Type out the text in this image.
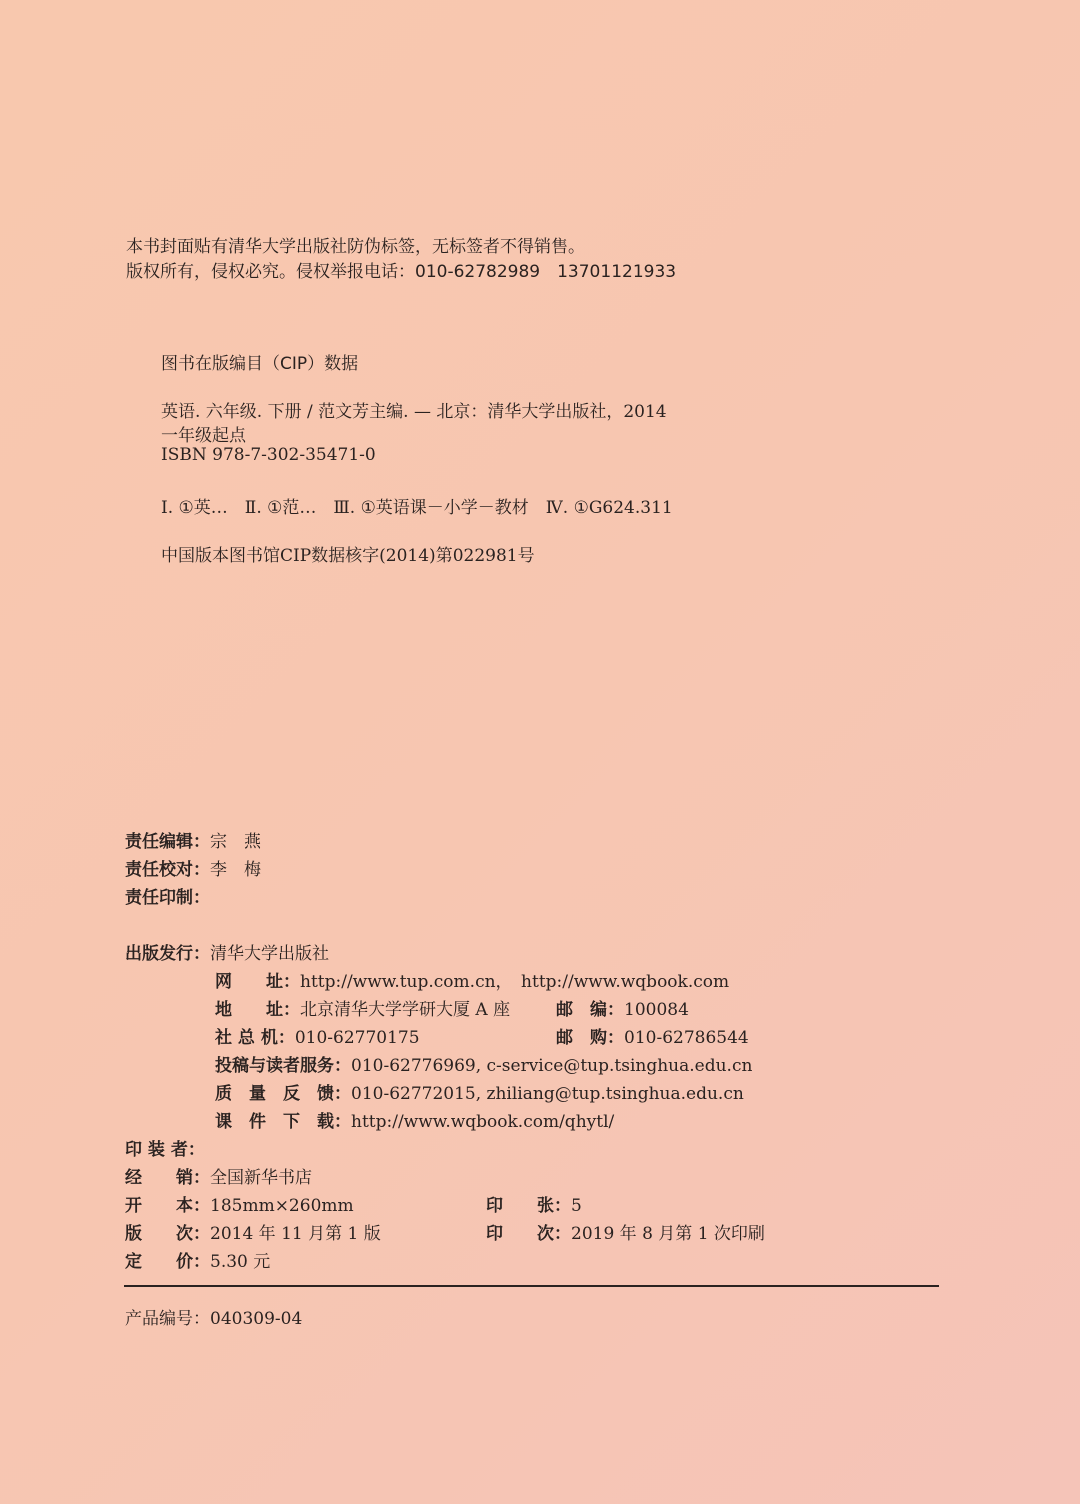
本书封面贴有清华大学出版社防伪标签，无标签者不得销售。
版权所有，侵权必究。侵权举报电话：010-62782989　13701121933
图书在版编目（CIP）数据
英语. 六年级. 下册 / 范文芳主编. — 北京：清华大学出版社，2014
一年级起点
ISBN 978-7-302-35471-0
Ⅰ. ①英…　Ⅱ. ①范…　Ⅲ. ①英语课－小学－教材　Ⅳ. ①G624.311
中国版本图书馆CIP数据核字(2014)第022981号
责任编辑：宗　燕
责任校对：李　梅
责任印制：
出版发行：清华大学出版社
网　　址：http://www.tup.com.cn，　http://www.wqbook.com
地　　址：北京清华大学学研大厦 A 座	邮　编：100084
社 总 机：010-62770175	邮　购：010-62786544
投稿与读者服务：010-62776969, c-service@tup.tsinghua.edu.cn
质　量　反　馈：010-62772015, zhiliang@tup.tsinghua.edu.cn
课　件　下　载：http://www.wqbook.com/qhytl/
印 装 者：
经　　销：全国新华书店
开　　本：185mm×260mm	印　　张：5
版　　次：2014 年 11 月第 1 版	印　　次：2019 年 8 月第 1 次印刷
定　　价：5.30 元
产品编号：040309-04
